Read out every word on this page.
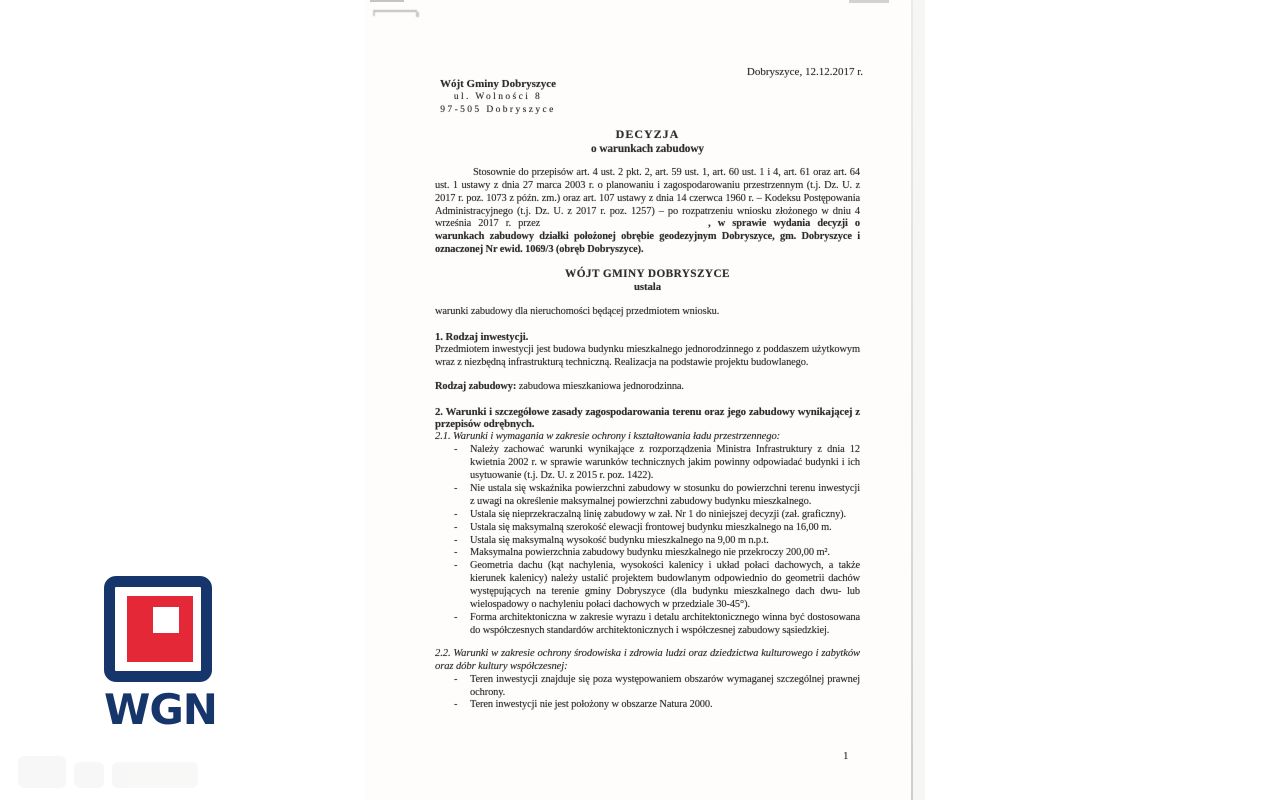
Wójt Gminy Dobryszyce
ul. Wolności 8
97-505 Dobryszyce
Dobryszyce, 12.12.2017 r.
DECYZJA
o warunkach zabudowy

Stosownie do przepisów art. 4 ust. 2 pkt. 2, art. 59 ust. 1, art. 60 ust. 1 i 4, art. 61 oraz art. 64 ust. 1 ustawy z dnia 27 marca 2003 r. o planowaniu i zagospodarowaniu przestrzennym (t.j. Dz. U. z 2017 r. poz. 1073 z późn. zm.) oraz art. 107 ustawy z dnia 14 czerwca 1960 r. – Kodeksu Postępowania Administracyjnego (t.j. Dz. U. z 2017 r. poz. 1257) – po rozpatrzeniu wniosku złożonego w dniu 4 września 2017 r. przez	, w sprawie wydania decyzji o warunkach zabudowy działki położonej obrębie geodezyjnym Dobryszyce, gm. Dobryszyce i oznaczonej Nr ewid. 1069/3 (obręb Dobryszyce).

WÓJT GMINY DOBRYSZYCE

ustala

warunki zabudowy dla nieruchomości będącej przedmiotem wniosku.

1. Rodzaj inwestycji.

Przedmiotem inwestycji jest budowa budynku mieszkalnego jednorodzinnego z poddaszem użytkowym wraz z niezbędną infrastrukturą techniczną. Realizacja na podstawie projektu budowlanego.

Rodzaj zabudowy: zabudowa mieszkaniowa jednorodzinna.

2. Warunki i szczegółowe zasady zagospodarowania terenu oraz jego zabudowy wynikającej z przepisów odrębnych.

2.1. Warunki i wymagania w zakresie ochrony i kształtowania ładu przestrzennego:

- Należy zachować warunki wynikające z rozporządzenia Ministra Infrastruktury z dnia 12 kwietnia 2002 r. w sprawie warunków technicznych jakim powinny odpowiadać budynki i ich usytuowanie (t.j. Dz. U. z 2015 r. poz. 1422).
- Nie ustala się wskaźnika powierzchni zabudowy w stosunku do powierzchni terenu inwestycji z uwagi na określenie maksymalnej powierzchni zabudowy budynku mieszkalnego.
- Ustala się nieprzekraczalną linię zabudowy w zał. Nr 1 do niniejszej decyzji (zał. graficzny).
- Ustala się maksymalną szerokość elewacji frontowej budynku mieszkalnego na 16,00 m.
- Ustala się maksymalną wysokość budynku mieszkalnego na 9,00 m n.p.t.
- Maksymalna powierzchnia zabudowy budynku mieszkalnego nie przekroczy 200,00 m².
- Geometria dachu (kąt nachylenia, wysokości kalenicy i układ połaci dachowych, a także kierunek kalenicy) należy ustalić projektem budowlanym odpowiednio do geometrii dachów występujących na terenie gminy Dobryszyce (dla budynku mieszkalnego dach dwu- lub wielospadowy o nachyleniu połaci dachowych w przedziale 30-45°).
- Forma architektoniczna w zakresie wyrazu i detalu architektonicznego winna być dostosowana do współczesnych standardów architektonicznych i współczesnej zabudowy sąsiedzkiej.

2.2. Warunki w zakresie ochrony środowiska i zdrowia ludzi oraz dziedzictwa kulturowego i zabytków oraz dóbr kultury współczesnej:

- Teren inwestycji znajduje się poza występowaniem obszarów wymaganej szczególnej prawnej ochrony.
- Teren inwestycji nie jest położony w obszarze Natura 2000.
1
WGN
